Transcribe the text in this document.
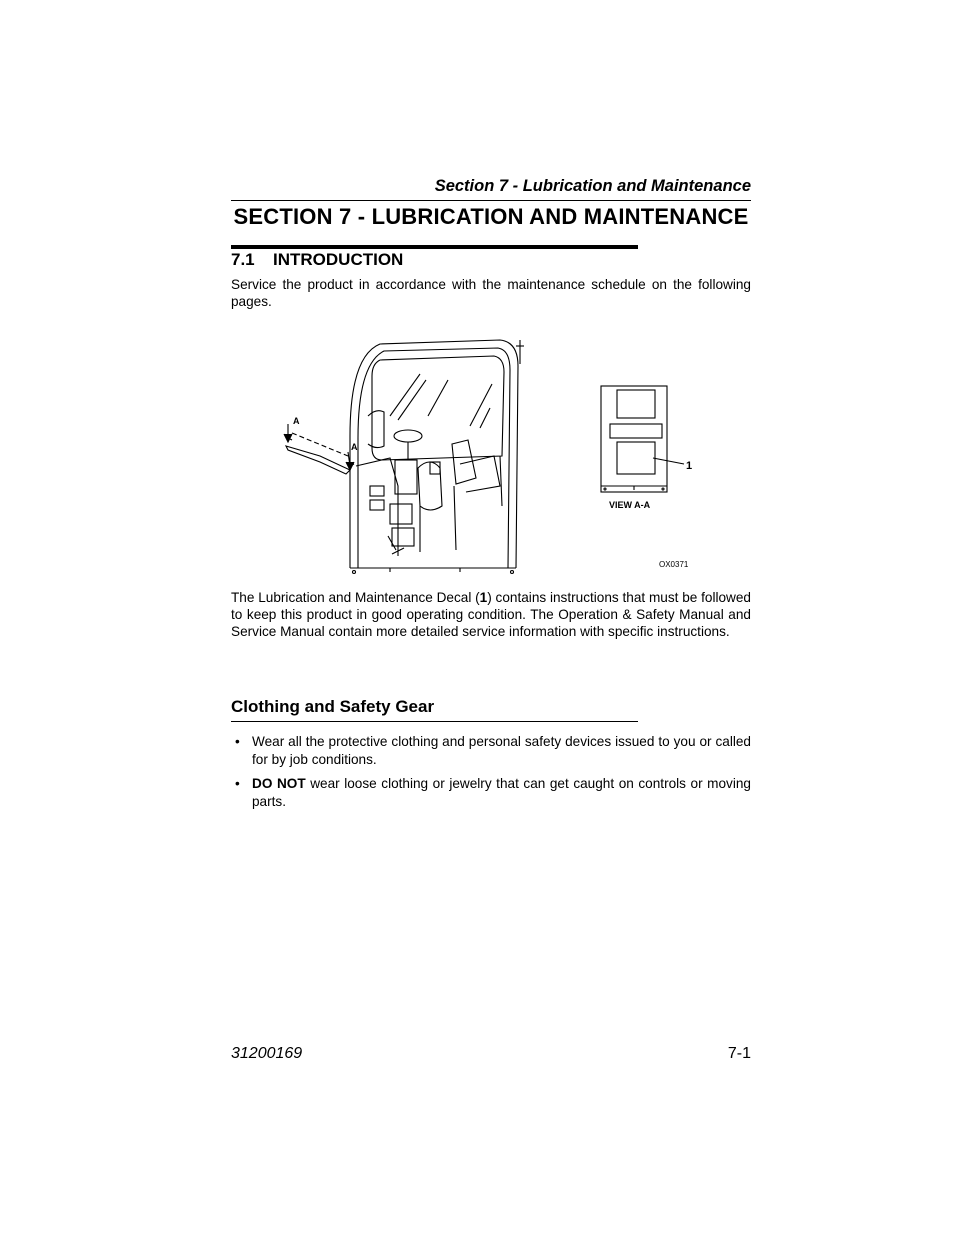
Section 7 - Lubrication and Maintenance
SECTION 7 - LUBRICATION AND MAINTENANCE
7.1 INTRODUCTION
Service the product in accordance with the maintenance schedule on the following pages.
A
A
1
VIEW A-A
OX0371
The Lubrication and Maintenance Decal (1) contains instructions that must be followed to keep this product in good operating condition. The Operation & Safety Manual and Service Manual contain more detailed service information with specific instructions.
Clothing and Safety Gear
• Wear all the protective clothing and personal safety devices issued to you or called for by job conditions.
• DO NOT wear loose clothing or jewelry that can get caught on controls or moving parts.
31200169	7-1
